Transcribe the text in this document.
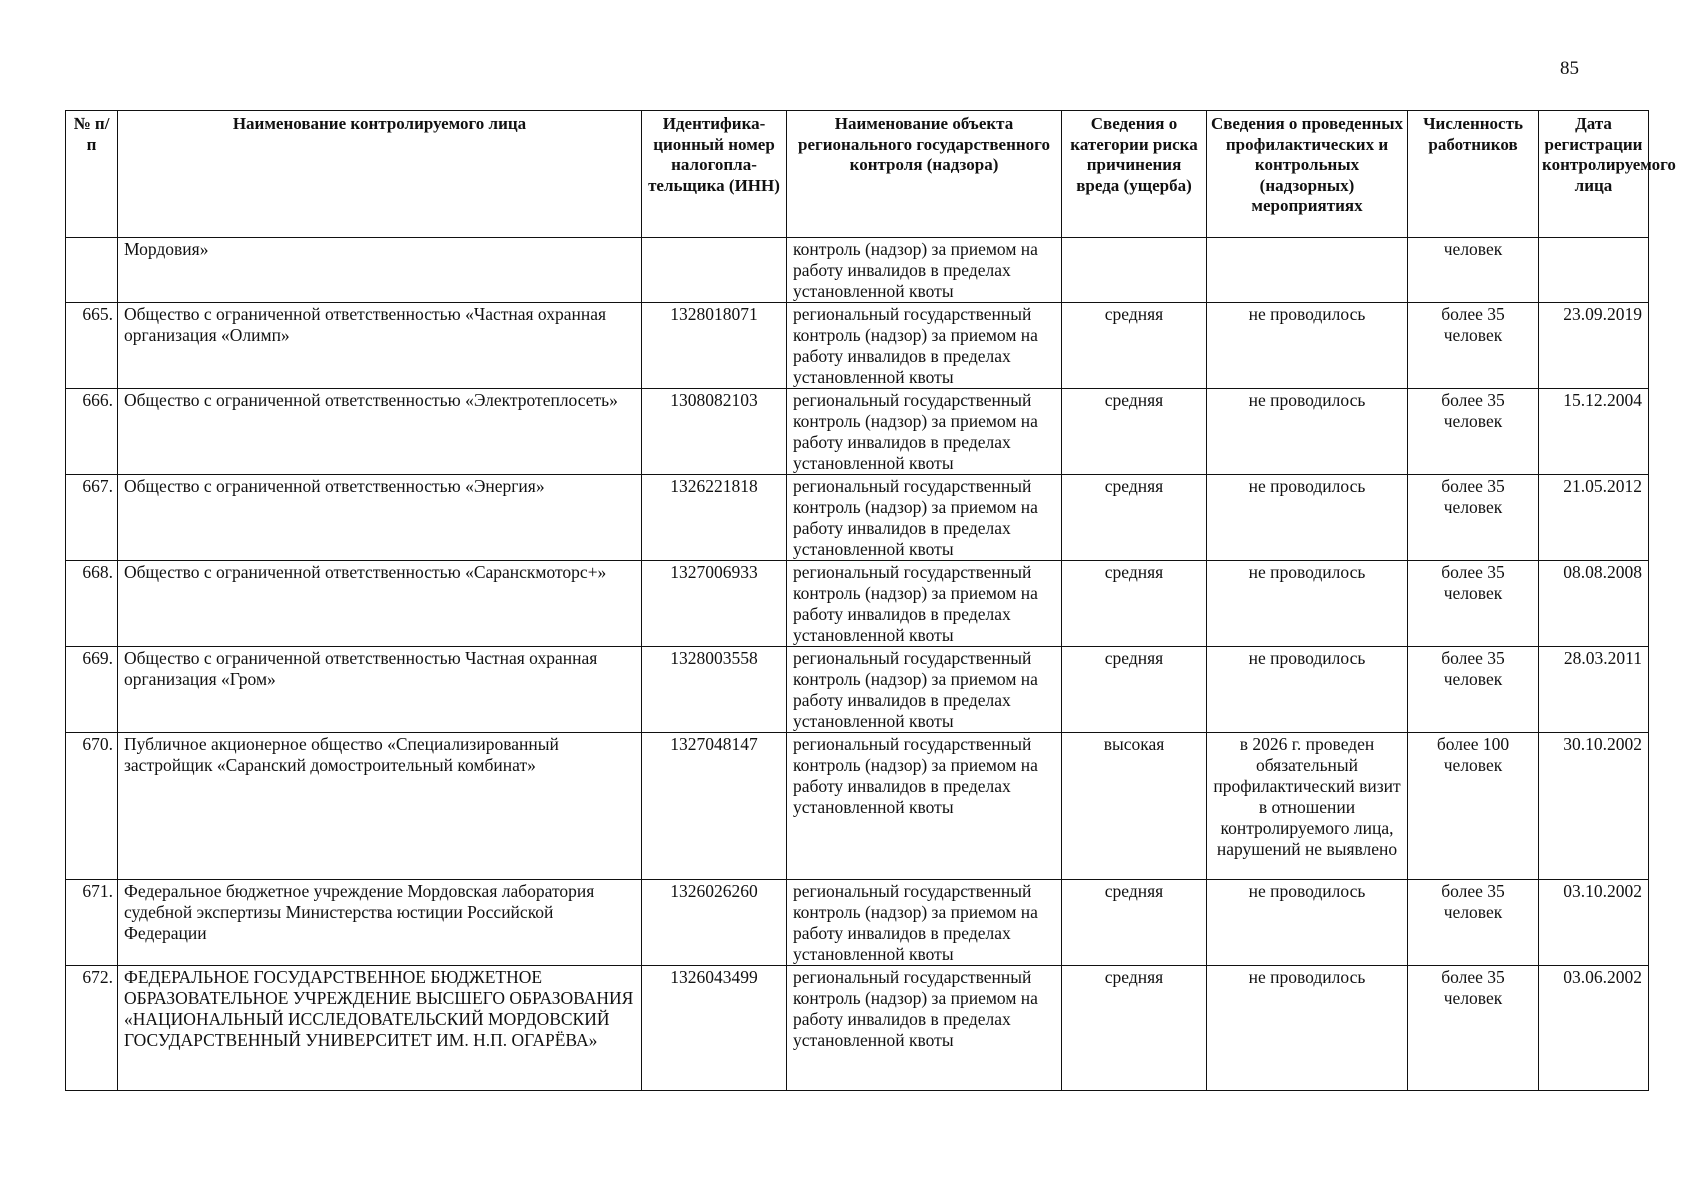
85
№ п/п	Наименование контролируемого лица	Идентифика-ционный номер налогопла-тельщика (ИНН)	Наименование объекта регионального государственного контроля (надзора)	Сведения о категории риска причинения вреда (ущерба)	Сведения о проведенных профилактических и контрольных (надзорных) мероприятиях	Численность работников	Дата регистрации контролируемого лица
	Мордовия»		контроль (надзор) за приемом на работу инвалидов в пределах установленной квоты			человек	
665.	Общество с ограниченной ответственностью «Частная охранная организация «Олимп»	1328018071	региональный государственный контроль (надзор) за приемом на работу инвалидов в пределах установленной квоты	средняя	не проводилось	более 35 человек	23.09.2019
666.	Общество с ограниченной ответственностью «Электротеплосеть»	1308082103	региональный государственный контроль (надзор) за приемом на работу инвалидов в пределах установленной квоты	средняя	не проводилось	более 35 человек	15.12.2004
667.	Общество с ограниченной ответственностью «Энергия»	1326221818	региональный государственный контроль (надзор) за приемом на работу инвалидов в пределах установленной квоты	средняя	не проводилось	более 35 человек	21.05.2012
668.	Общество с ограниченной ответственностью «Саранскмоторс+»	1327006933	региональный государственный контроль (надзор) за приемом на работу инвалидов в пределах установленной квоты	средняя	не проводилось	более 35 человек	08.08.2008
669.	Общество с ограниченной ответственностью Частная охранная организация «Гром»	1328003558	региональный государственный контроль (надзор) за приемом на работу инвалидов в пределах установленной квоты	средняя	не проводилось	более 35 человек	28.03.2011
670.	Публичное акционерное общество «Специализированный застройщик «Саранский домостроительный комбинат»	1327048147	региональный государственный контроль (надзор) за приемом на работу инвалидов в пределах установленной квоты	высокая	в 2026 г. проведен обязательный профилактический визит в отношении контролируемого лица, нарушений не выявлено	более 100 человек	30.10.2002
671.	Федеральное бюджетное учреждение Мордовская лаборатория судебной экспертизы Министерства юстиции Российской Федерации	1326026260	региональный государственный контроль (надзор) за приемом на работу инвалидов в пределах установленной квоты	средняя	не проводилось	более 35 человек	03.10.2002
672.	ФЕДЕРАЛЬНОЕ ГОСУДАРСТВЕННОЕ БЮДЖЕТНОЕ ОБРАЗОВАТЕЛЬНОЕ УЧРЕЖДЕНИЕ ВЫСШЕГО ОБРАЗОВАНИЯ «НАЦИОНАЛЬНЫЙ ИССЛЕДОВАТЕЛЬСКИЙ МОРДОВСКИЙ ГОСУДАРСТВЕННЫЙ УНИВЕРСИТЕТ ИМ. Н.П. ОГАРЁВА»	1326043499	региональный государственный контроль (надзор) за приемом на работу инвалидов в пределах установленной квоты	средняя	не проводилось	более 35 человек	03.06.2002
